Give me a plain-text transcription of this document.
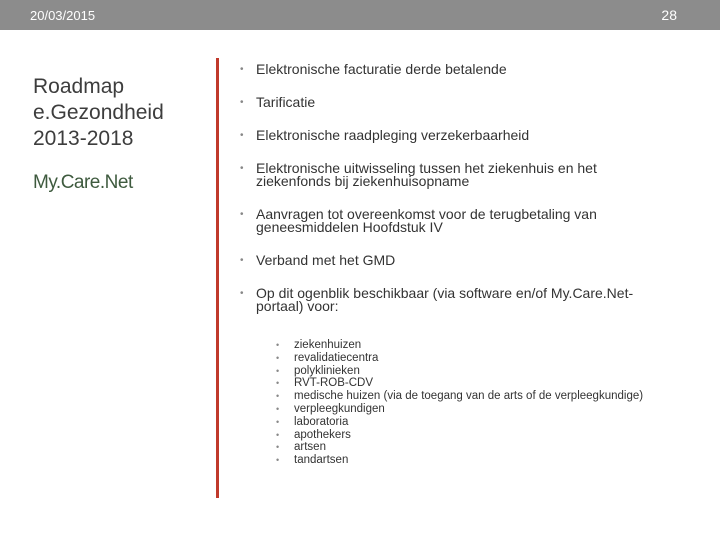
20/03/2015	28
Roadmap
e.Gezondheid
2013-2018
My.Care.Net
• Elektronische facturatie derde betalende
• Tarificatie
• Elektronische raadpleging verzekerbaarheid
• Elektronische uitwisseling tussen het ziekenhuis en het ziekenfonds bij ziekenhuisopname
• Aanvragen tot overeenkomst voor de terugbetaling van geneesmiddelen Hoofdstuk IV
• Verband met het GMD
• Op dit ogenblik beschikbaar (via software en/of My.Care.Net-portaal) voor:
• ziekenhuizen
• revalidatiecentra
• polyklinieken
• RVT-ROB-CDV
• medische huizen (via de toegang van de arts of de verpleegkundige)
• verpleegkundigen
• laboratoria
• apothekers
• artsen
• tandartsen
